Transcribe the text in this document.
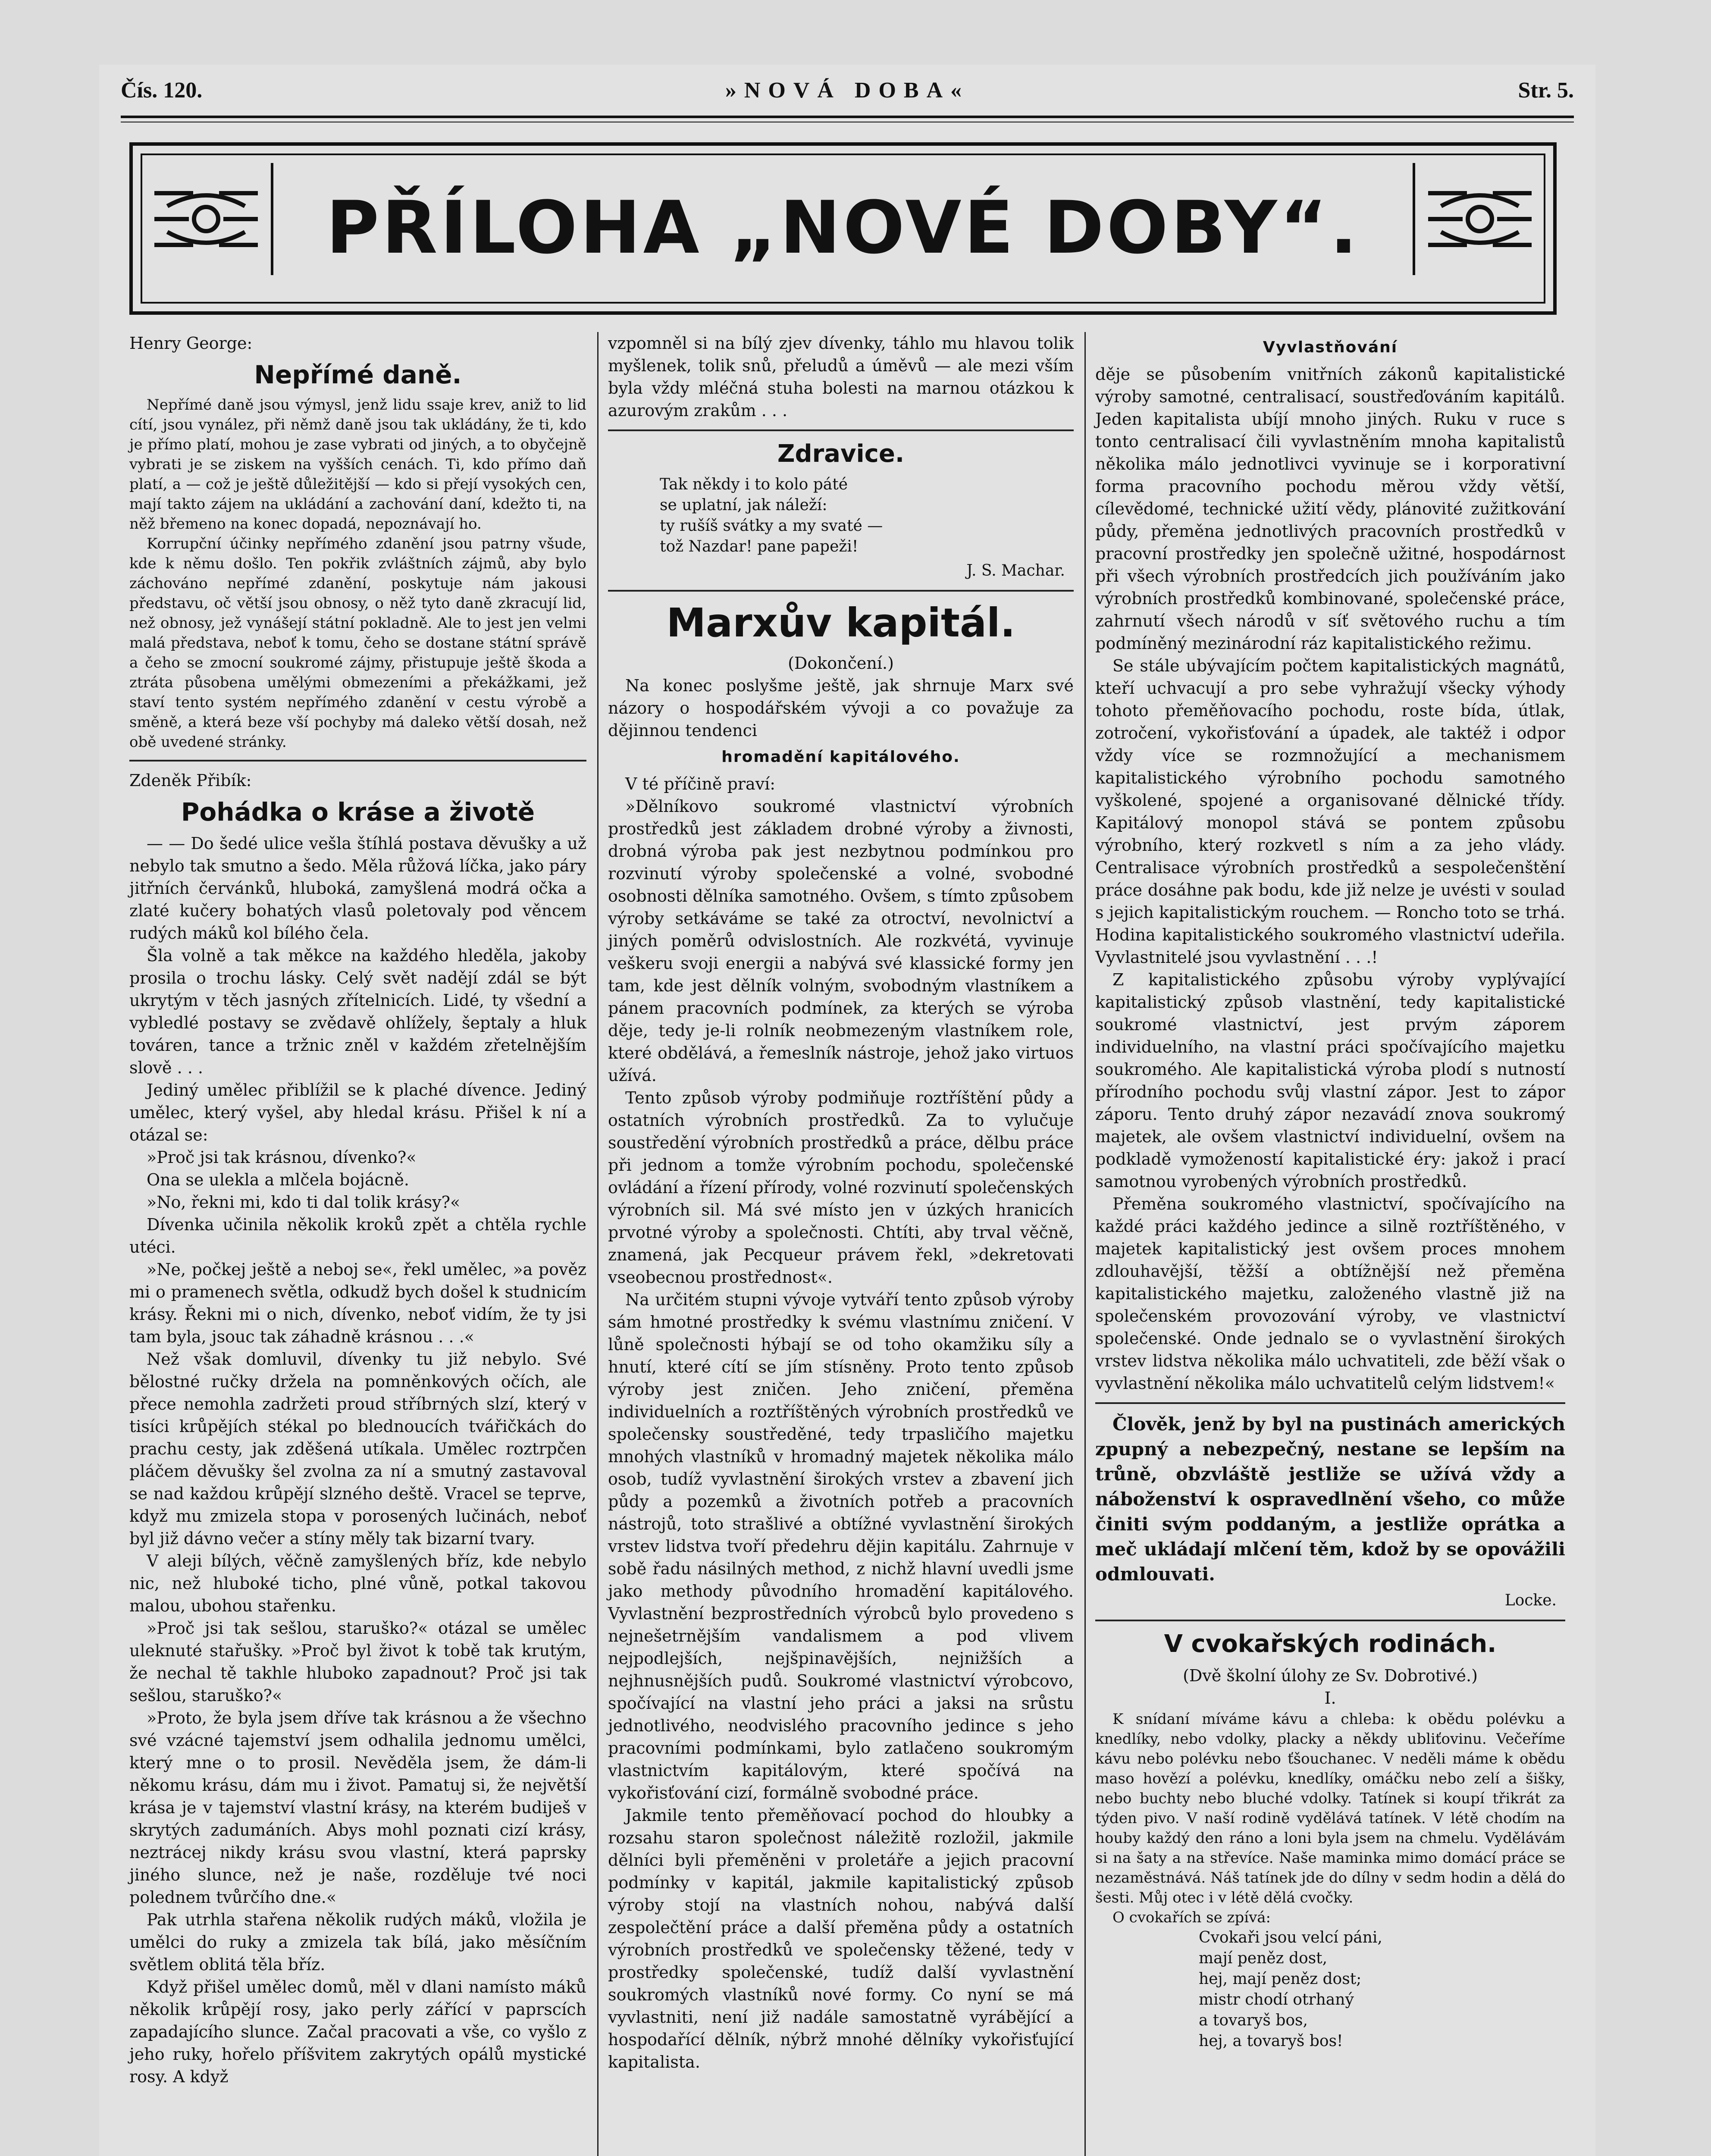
Čís. 120.	»NOVÁ DOBA«	Str. 5.
PŘÍLOHA „NOVÉ DOBY“.
Henry George:
Nepřímé daně.

Nepřímé daně jsou výmysl, jenž lidu ssaje krev, aniž to lid cítí, jsou vynález, při němž daně jsou tak ukládány, že ti, kdo je přímo platí, mohou je zase vybrati od jiných, a to obyčejně vybrati je se ziskem na vyšších cenách. Ti, kdo přímo daň platí, a — což je ještě důležitější — kdo si přejí vysokých cen, mají takto zájem na ukládání a zachování daní, kdežto ti, na něž břemeno na konec dopadá, nepoznávají ho.

Korrupční účinky nepřímého zdanění jsou patrny všude, kde k němu došlo. Ten pokřik zvláštních zájmů, aby bylo záchováno nepřímé zdanění, poskytuje nám jakousi představu, oč větší jsou obnosy, o něž tyto daně zkracují lid, než obnosy, jež vynášejí státní pokladně. Ale to jest jen velmi malá představa, neboť k tomu, čeho se dostane státní správě a čeho se zmocní soukromé zájmy, přistupuje ještě škoda a ztráta působena umělými obmezeními a překážkami, jež staví tento systém nepřímého zdanění v cestu výrobě a směně, a která beze vší pochyby má daleko větší dosah, než obě uvedené stránky.

Zdeněk Přibík:
Pohádka o kráse a životě

— — Do šedé ulice vešla štíhlá postava děvušky a už nebylo tak smutno a šedo. Měla růžová líčka, jako páry jitřních červánků, hluboká, zamyšlená modrá očka a zlaté kučery bohatých vlasů poletovaly pod věncem rudých máků kol bílého čela.

Šla volně a tak měkce na každého hleděla, jakoby prosila o trochu lásky. Celý svět nadějí zdál se být ukrytým v těch jasných zřítelnicích. Lidé, ty všední a vybledlé postavy se zvědavě ohlížely, šeptaly a hluk továren, tance a tržnic zněl v každém zřetelnějším slově . . .

Jediný umělec přiblížil se k plaché dívence. Jediný umělec, který vyšel, aby hledal krásu. Přišel k ní a otázal se:

»Proč jsi tak krásnou, dívenko?«

Ona se ulekla a mlčela bojácně.

»No, řekni mi, kdo ti dal tolik krásy?«

Dívenka učinila několik kroků zpět a chtěla rychle utéci.

»Ne, počkej ještě a neboj se«, řekl umělec, »a pověz mi o pramenech světla, odkudž bych došel k studnicím krásy. Řekni mi o nich, dívenko, neboť vidím, že ty jsi tam byla, jsouc tak záhadně krásnou . . .«

Než však domluvil, dívenky tu již nebylo. Své bělostné ručky držela na pomněnkových očích, ale přece nemohla zadržeti proud stříbrných slzí, který v tisíci krůpějích stékal po blednoucích tvářičkách do prachu cesty, jak zděšená utíkala. Umělec roztrpčen pláčem děvušky šel zvolna za ní a smutný zastavoval se nad každou krůpějí slzného deště. Vracel se teprve, když mu zmizela stopa v porosených lučinách, neboť byl již dávno večer a stíny měly tak bizarní tvary.

V aleji bílých, věčně zamyšlených bříz, kde nebylo nic, než hluboké ticho, plné vůně, potkal takovou malou, ubohou stařenku.

»Proč jsi tak sešlou, staruško?« otázal se umělec uleknuté stařušky. »Proč byl život k tobě tak krutým, že nechal tě takhle hluboko zapadnout? Proč jsi tak sešlou, staruško?«

»Proto, že byla jsem dříve tak krásnou a že všechno své vzácné tajemství jsem odhalila jednomu umělci, který mne o to prosil. Nevěděla jsem, že dám-li někomu krásu, dám mu i život. Pamatuj si, že největší krása je v tajemství vlastní krásy, na kterém budiješ v skrytých zadumáních. Abys mohl poznati cizí krásy, neztrácej nikdy krásu svou vlastní, která paprsky jiného slunce, než je naše, rozdělujе tvé noci polednem tvůrčího dne.«

Pak utrhla stařena několik rudých máků, vložila je umělci do ruky a zmizela tak bílá, jako měsíčním světlem oblitá těla bříz.

Když přišel umělec domů, měl v dlani namísto máků několik krůpějí rosy, jako perly zářící v paprscích zapadajícího slunce. Začal pracovati a vše, co vyšlo z jeho ruky, hořelo příšvitem zakrytých opálů mystické rosy. A když

vzpomněl si na bílý zjev dívenky, táhlo mu hlavou tolik myšlenek, tolik snů, přeludů a úměvů — ale mezi vším byla vždy mléčná stuha bolesti na marnou otázkou k azurovým zrakům . . .

Zdravice.
Tak někdy i to kolo páté
se uplatní, jak náleží:
ty rušíš svátky a my svaté —
tož Nazdar! pane papeži!
J. S. Machar.
Marxův kapitál.
(Dokončení.)

Na konec poslyšme ještě, jak shrnuje Marx své názory o hospodářském vývoji a co považuje za dějinnou tendenci

hromadění kapitálového.

V té příčině praví:

»Dělníkovo soukromé vlastnictví výrobních prostředků jest základem drobné výroby a živnosti, drobná výroba pak jest nezbytnou podmínkou pro rozvinutí výroby společenské a volné, svobodné osobnosti dělníka samotného. Ovšem, s tímto způsobem výroby setkáváme se také za otroctví, nevolnictví a jiných poměrů odvislostních. Ale rozkvétá, vyvinuje veškeru svoji energii a nabývá své klassické formy jen tam, kde jest dělník volným, svobodným vlastníkem a pánem pracovních podmínek, za kterých se výroba děje, tedy je-li rolník neobmezeným vlastníkem role, které obdělává, a řemeslník nástroje, jehož jako virtuos užívá.

Tento způsob výroby podmiňuje roztříštění půdy a ostatních výrobních prostředků. Za to vylučuje soustředění výrobních prostředků a práce, dělbu práce při jednom a tomže výrobním pochodu, společenské ovládání a řízení přírody, volné rozvinutí společenských výrobních sil. Má své místo jen v úzkých hranicích prvotné výroby a společnosti. Chtíti, aby trval věčně, znamená, jak Pecqueur právem řekl, »dekretovati vseobecnou prostřednost«.

Na určitém stupni vývoje vytváří tento způsob výroby sám hmotné prostředky k svému vlastnímu zničení. V lůně společnosti hýbají se od toho okamžiku síly a hnutí, které cítí se jím stísněny. Proto tento způsob výroby jest zničen. Jeho zničení, přeměna individuelních a roztříštěných výrobních prostředků ve společensky soustředěné, tedy trpasličího majetku mnohých vlastníků v hromadný majetek několika málo osob, tudíž vyvlastnění širokých vrstev a zbavení jich půdy a pozemků a životních potřeb a pracovních nástrojů, toto strašlivé a obtížné vyvlastnění širokých vrstev lidstva tvoří předehru dějin kapitálu. Zahrnuje v sobě řadu násilných method, z nichž hlavní uvedli jsme jako methody původního hromadění kapitálového. Vyvlastnění bezprostředních výrobců bylo provedeno s nejnešetrnějším vandalismem a pod vlivem nejpodlejších, nejšpinavějších, nejnižších a nejhnusnějších pudů. Soukromé vlastnictví výrobcovo, spočívající na vlastní jeho práci a jaksi na srůstu jednotlivého, neodvislého pracovního jedince s jeho pracovními podmínkami, bylo zatlačeno soukromým vlastnictvím kapitálovým, které spočívá na vykořisťování cizí, formálně svobodné práce.

Jakmile tento přeměňovací pochod do hloubky a rozsahu staron společnost náležitě rozložil, jakmile dělníci byli přeměněni v proletáře a jejich pracovní podmínky v kapitál, jakmile kapitalistický způsob výroby stojí na vlastních nohou, nabývá další zespolečtění práce a další přeměna půdy a ostatních výrobních prostředků ve společensky těžené, tedy v prostředky společenské, tudíž další vyvlastnění soukromých vlastníků nové formy. Co nyní se má vyvlastniti, není již nadále samostatně vyrábějící a hospodařící dělník, nýbrž mnohé dělníky vykořisťující kapitalista.

Vyvlastňování

děje se působením vnitřních zákonů kapitalistické výroby samotné, centralisací, soustřeďováním kapitálů. Jeden kapitalista ubíjí mnoho jiných. Ruku v ruce s tonto centralisací čili vyvlastněním mnoha kapitalistů několika málo jednotlivci vyvinuje se i korporativní forma pracovního pochodu měrou vždy větší, cílevědomé, technické užití vědy, plánovité zužitkování půdy, přeměna jednotlivých pracovních prostředků v pracovní prostředky jen společně užitné, hospodárnost při všech výrobních prostředcích jich používáním jako výrobních prostředků kombinované, společenské práce, zahrnutí všech národů v síť světového ruchu a tím podmíněný mezinárodní ráz kapitalistického režimu.

Se stále ubývajícím počtem kapitalistických magnátů, kteří uchvacují a pro sebe vyhražují všecky výhody tohoto přeměňovacího pochodu, roste bída, útlak, zotročení, vykořisťování a úpadek, ale taktéž i odpor vždy více se rozmnožující a mechanismem kapitalistického výrobního pochodu samotného vyškolené, spojené a organisované dělnické třídy. Kapitálový monopol stává se pontem způsobu výrobního, který rozkvetl s ním a za jeho vlády. Centralisace výrobních prostředků a sespolečenštění práce dosáhne pak bodu, kde již nelze je uvésti v soulad s jejich kapitalistickým rouchem. — Roncho toto se trhá. Hodina kapitalistického soukromého vlastnictví udeřila. Vyvlastnitelé jsou vyvlastnění . . .!

Z kapitalistického způsobu výroby vyplývající kapitalistický způsob vlastnění, tedy kapitalistické soukromé vlastnictví, jest prvým záporem individuelního, na vlastní práci spočívajícího majetku soukromého. Ale kapitalistická výroba plodí s nutností přírodního pochodu svůj vlastní zápor. Jest to zápor záporu. Tento druhý zápor nezavádí znova soukromý majetek, ale ovšem vlastnictví individuelní, ovšem na podkladě vymožeností kapitalistické éry: jakož i prací samotnou vyrobených výrobních prostředků.

Přeměna soukromého vlastnictví, spočívajícího na každé práci každého jedince a silně roztříštěného, v majetek kapitalistický jest ovšem proces mnohem zdlouhavější, těžší a obtížnější než přeměna kapitalistického majetku, založeného vlastně již na společenském provozování výroby, ve vlastnictví společenské. Onde jednalo se o vyvlastnění širokých vrstev lidstva několika málo uchvatiteli, zde běží však o vyvlastnění několika málo uchvatitelů celým lidstvem!«

Člověk, jenž by byl na pustinách amerických zpupný a nebezpečný, nestane se lepším na trůně, obzvláště jestliže se užívá vždy a náboženství k ospravedlnění všeho, co může činiti svým poddaným, a jestliže oprátka a meč ukládají mlčení těm, kdož by se opovážili odmlouvati.

Locke.
V cvokařských rodinách.
(Dvě školní úlohy ze Sv. Dobrotivé.)
I.

K snídaní míváme kávu a chleba: k obědu polévku a knedlíky, nebo vdolky, placky a někdy ubliťovinu. Večeříme kávu nebo polévku nebo ťšouchanec. V neděli máme k obědu maso hovězí a polévku, knedlíky, omáčku nebo zelí a šišky, nebo buchty nebo bluché vdolky. Tatínek si koupí třikrát za týden pivo. V naší rodině vydělává tatínek. V létě chodím na houby každý den ráno a loni byla jsem na chmelu. Vydělávám si na šaty a na střevíce. Naše maminka mimo domácí práce se nezaměstnává. Náš tatínek jde do dílny v sedm hodin a dělá do šesti. Můj otec i v létě dělá cvočky.

O cvokařích se zpívá:

Cvokaři jsou velcí páni,
mají peněz dost,
hej, mají peněz dost;
mistr chodí otrhaný
a tovaryš bos,
hej, a tovaryš bos!
